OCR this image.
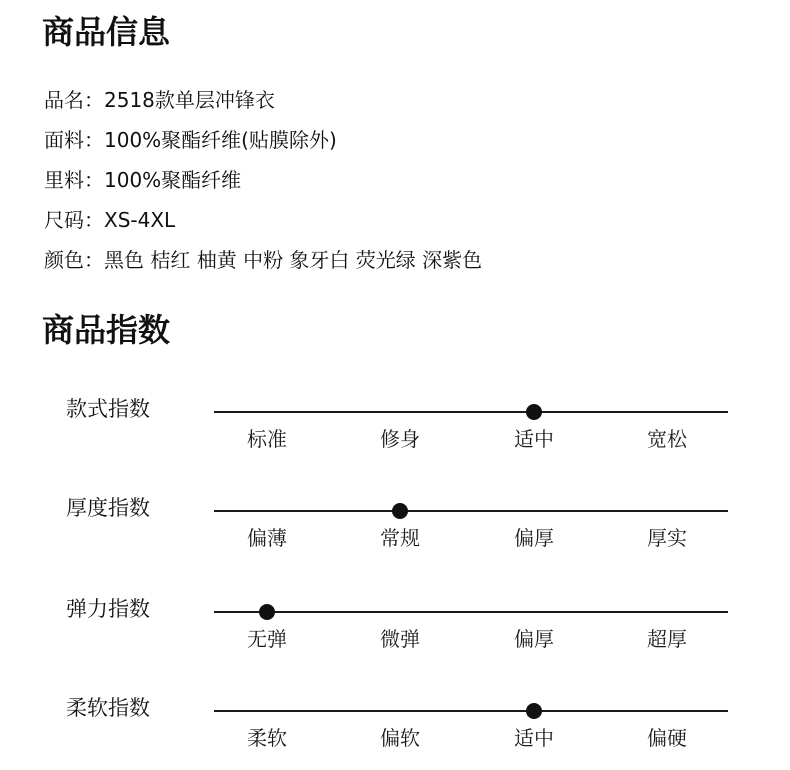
商品信息
品名：2518款单层冲锋衣
面料：100%聚酯纤维(贴膜除外)
里料：100%聚酯纤维
尺码：XS-4XL
颜色：黑色 桔红 柚黄 中粉 象牙白 荧光绿 深紫色
商品指数
款式指数
标准	修身	适中	宽松
厚度指数
偏薄	常规	偏厚	厚实
弹力指数
无弹	微弹	偏厚	超厚
柔软指数
柔软	偏软	适中	偏硬
